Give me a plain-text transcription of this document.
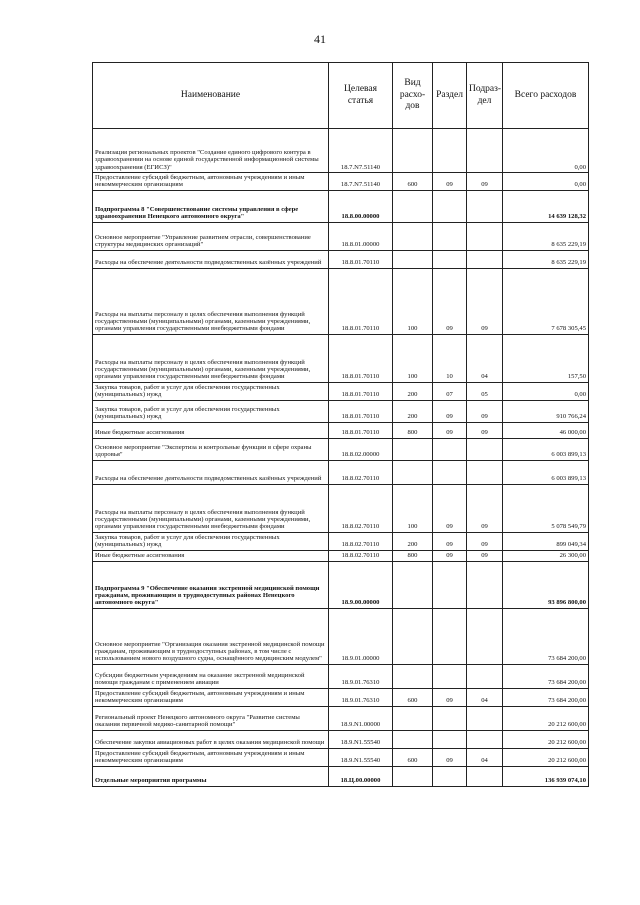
41
Наименование	Целевая статья	Вид расхо-дов	Раздел	Подраз-дел	Всего расходов
Реализация региональных проектов "Создание единого цифрового контура в здравоохранении на основе единой государственной информационной системы здравоохранения (ЕГИСЗ)"	18.7.N7.51140				0,00
Предоставление субсидий бюджетным, автономным учреждениям и иным некоммерческим организациям	18.7.N7.51140	600	09	09	0,00
Подпрограмма 8 "Совершенствование системы управления в сфере здравоохранения Ненецкого автономного округа"	18.8.00.00000				14 639 128,32
Основное мероприятие "Управление развитием отрасли, совершенствование структуры медицинских организаций"	18.8.01.00000				8 635 229,19
Расходы на обеспечение деятельности подведомственных казённых учреждений	18.8.01.70110				8 635 229,19
Расходы на выплаты персоналу в целях обеспечения выполнения функций государственными (муниципальными) органами, казенными учреждениями, органами управления государственными внебюджетными фондами	18.8.01.70110	100	09	09	7 678 305,45
Расходы на выплаты персоналу в целях обеспечения выполнения функций государственными (муниципальными) органами, казенными учреждениями, органами управления государственными внебюджетными фондами	18.8.01.70110	100	10	04	157,50
Закупка товаров, работ и услуг для обеспечения государственных (муниципальных) нужд	18.8.01.70110	200	07	05	0,00
Закупка товаров, работ и услуг для обеспечения государственных (муниципальных) нужд	18.8.01.70110	200	09	09	910 766,24
Иные бюджетные ассигнования	18.8.01.70110	800	09	09	46 000,00
Основное мероприятие "Экспертиза и контрольные функции в сфере охраны здоровья"	18.8.02.00000				6 003 899,13
Расходы на обеспечение деятельности подведомственных казённых учреждений	18.8.02.70110				6 003 899,13
Расходы на выплаты персоналу в целях обеспечения выполнения функций государственными (муниципальными) органами, казенными учреждениями, органами управления государственными внебюджетными фондами	18.8.02.70110	100	09	09	5 078 549,79
Закупка товаров, работ и услуг для обеспечения государственных (муниципальных) нужд	18.8.02.70110	200	09	09	899 049,34
Иные бюджетные ассигнования	18.8.02.70110	800	09	09	26 300,00
Подпрограмма 9 "Обеспечение оказания экстренной медицинской помощи гражданам, проживающим в труднодоступных районах Ненецкого автономного округа"	18.9.00.00000				93 896 800,00
Основное мероприятие "Организация оказания экстренной медицинской помощи гражданам, проживающим в труднодоступных районах, в том числе с использованием нового воздушного судна, оснащённого медицинским модулем"	18.9.01.00000				73 684 200,00
Субсидии бюджетным учреждениям на оказание экстренной медицинской помощи гражданам с применением авиации	18.9.01.76310				73 684 200,00
Предоставление субсидий бюджетным, автономным учреждениям и иным некоммерческим организациям	18.9.01.76310	600	09	04	73 684 200,00
Региональный проект Ненецкого автономного округа "Развитие системы оказания первичной медико-санитарной помощи"	18.9.N1.00000				20 212 600,00
Обеспечение закупки авиационных работ в целях оказания медицинской помощи	18.9.N1.55540				20 212 600,00
Предоставление субсидий бюджетным, автономным учреждениям и иным некоммерческим организациям	18.9.N1.55540	600	09	04	20 212 600,00
Отдельные мероприятия программы	18.Ц.00.00000				136 939 074,10
